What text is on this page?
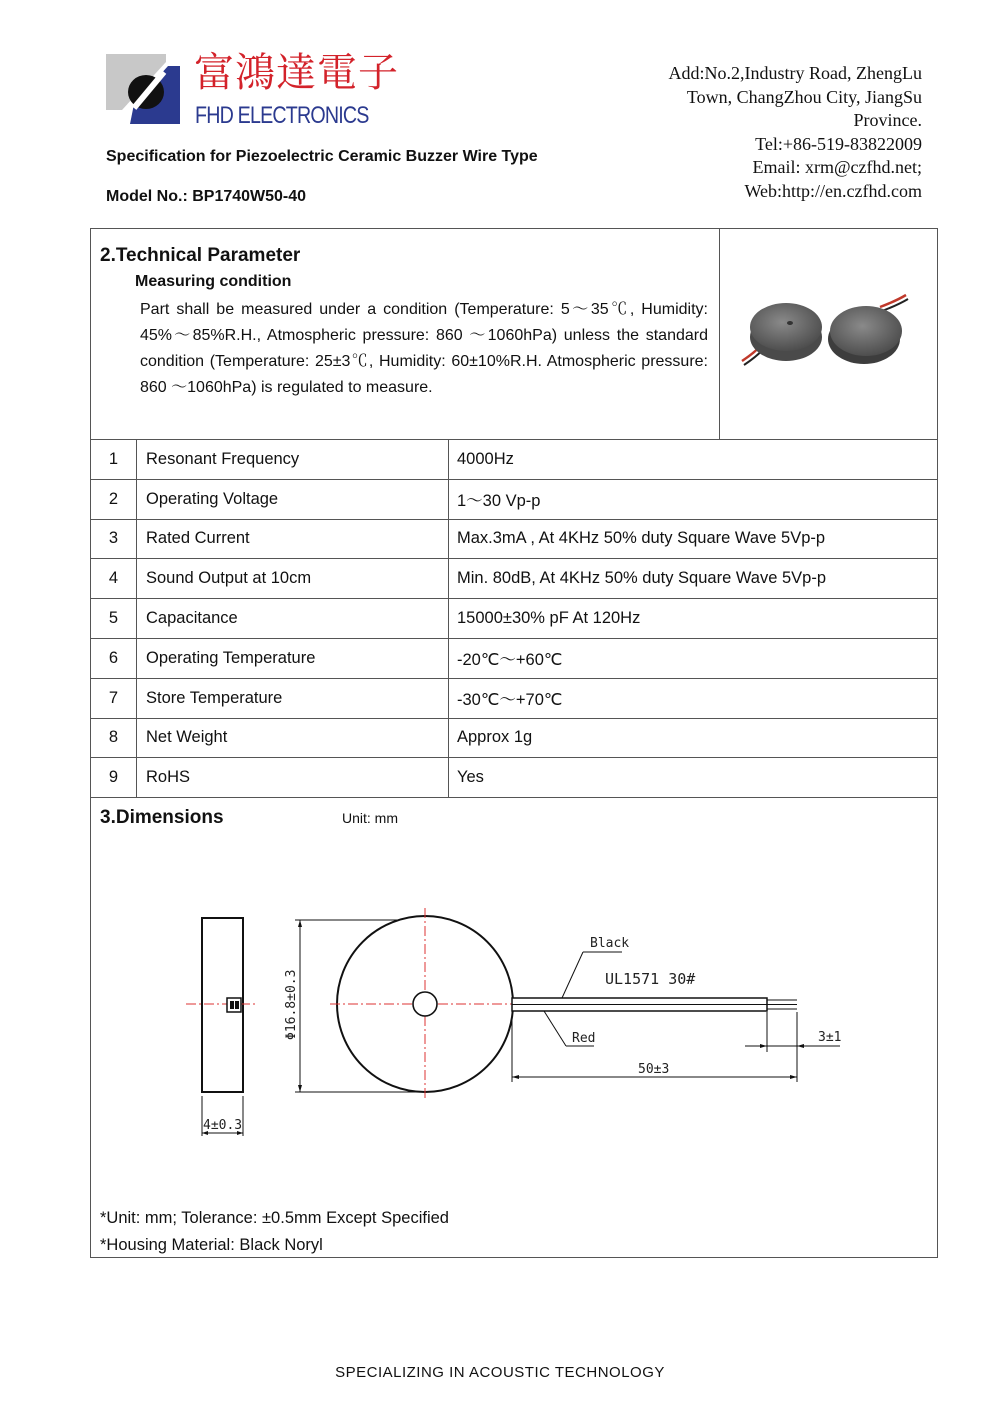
富鴻達電子
FHD ELECTRONICS
Specification for Piezoelectric Ceramic Buzzer Wire Type
Model No.: BP1740W50-40
Add:No.2,Industry Road, ZhengLu
Town, ChangZhou City, JiangSu
Province.
Tel:+86-519-83822009
Email: xrm@czfhd.net;
Web:http://en.czfhd.com
2.Technical Parameter
Measuring condition
Part shall be measured under a condition (Temperature: 5～35℃, Humidity: 45%～85%R.H., Atmospheric pressure: 860 ～1060hPa) unless the standard condition (Temperature: 25±3℃, Humidity: 60±10%R.H. Atmospheric pressure: 860 ～1060hPa) is regulated to measure.
1	Resonant Frequency	4000Hz
2	Operating Voltage	1～30 Vp-p
3	Rated Current	Max.3mA , At 4KHz 50% duty Square Wave 5Vp-p
4	Sound Output at 10cm	Min. 80dB, At 4KHz 50% duty Square Wave 5Vp-p
5	Capacitance	15000±30% pF At 120Hz
6	Operating Temperature	-20℃～+60℃
7	Store Temperature	-30℃～+70℃
8	Net Weight	Approx 1g
9	RoHS	Yes
3.Dimensions	Unit: mm
*Unit: mm; Tolerance: ±0.5mm Except Specified
*Housing Material: Black Noryl
4±0.3
Φ16.8±0.3
Black
UL1571 30#
Red
50±3
3±1
SPECIALIZING IN ACOUSTIC TECHNOLOGY
